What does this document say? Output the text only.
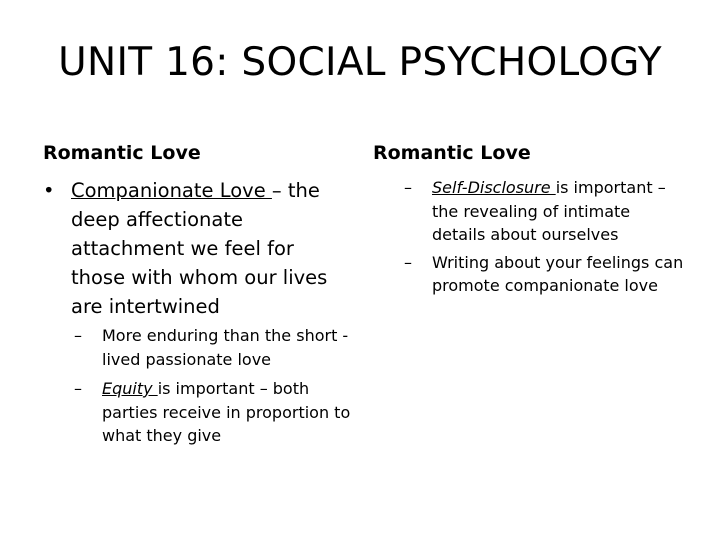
UNIT 16: SOCIAL PSYCHOLOGY
Romantic Love
• Companionate Love – the deep affectionate attachment we feel for those with whom our lives are intertwined
–	More enduring than the short -lived passionate love
–	Equity is important – both parties receive in proportion to what they give
Romantic Love
–	Self-Disclosure is important – the revealing of intimate details about ourselves
–	Writing about your feelings can promote companionate love
